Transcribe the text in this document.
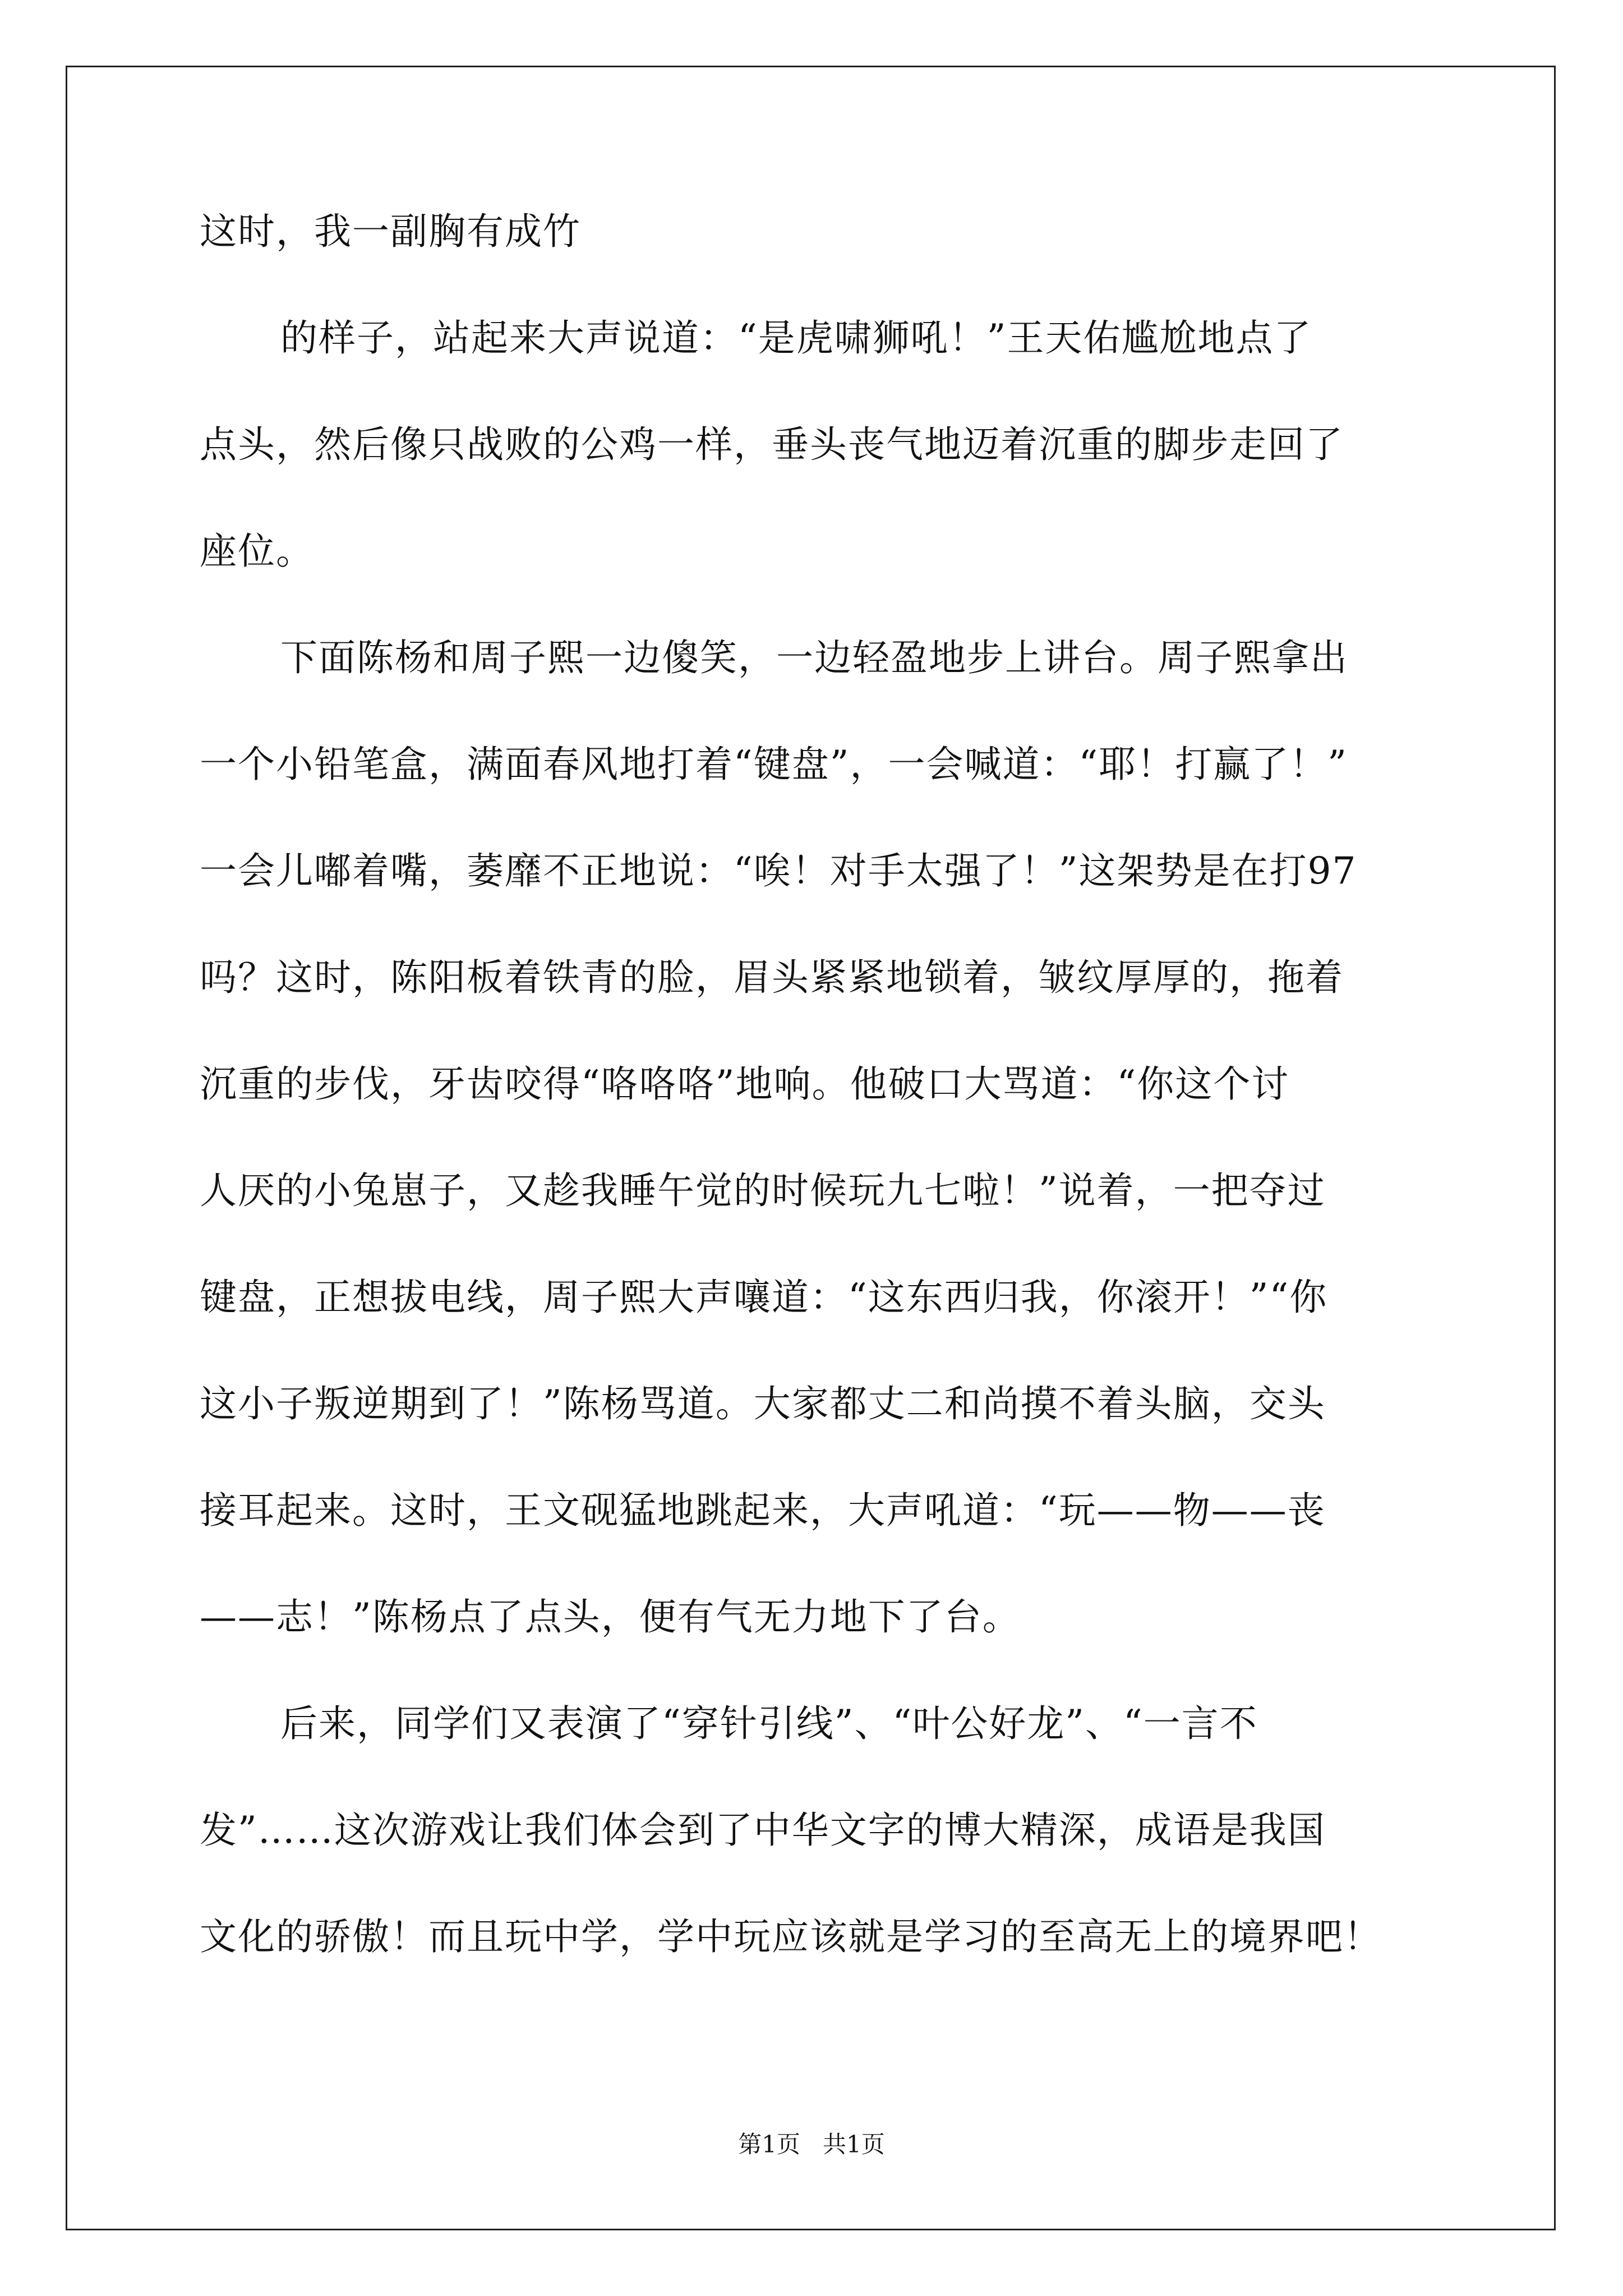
这时，我一副胸有成竹
的样子，站起来大声说道：“是虎啸狮吼！”王天佑尴尬地点了
点头，然后像只战败的公鸡一样，垂头丧气地迈着沉重的脚步走回了
座位。
下面陈杨和周子熙一边傻笑，一边轻盈地步上讲台。周子熙拿出
一个小铅笔盒，满面春风地打着“键盘”，一会喊道：“耶！打赢了！”
一会儿嘟着嘴，萎靡不正地说：“唉！对手太强了！”这架势是在打97
吗？这时，陈阳板着铁青的脸，眉头紧紧地锁着，皱纹厚厚的，拖着
沉重的步伐，牙齿咬得“咯咯咯”地响。他破口大骂道：“你这个讨
人厌的小兔崽子，又趁我睡午觉的时候玩九七啦！”说着，一把夺过
键盘，正想拔电线，周子熙大声嚷道：“这东西归我，你滚开！”“你
这小子叛逆期到了！”陈杨骂道。大家都丈二和尚摸不着头脑，交头
接耳起来。这时，王文砚猛地跳起来，大声吼道：“玩——物——丧
——志！”陈杨点了点头，便有气无力地下了台。
后来，同学们又表演了“穿针引线”、“叶公好龙”、“一言不
发”……这次游戏让我们体会到了中华文字的博大精深，成语是我国
文化的骄傲！而且玩中学，学中玩应该就是学习的至高无上的境界吧！
第1页 共1页
